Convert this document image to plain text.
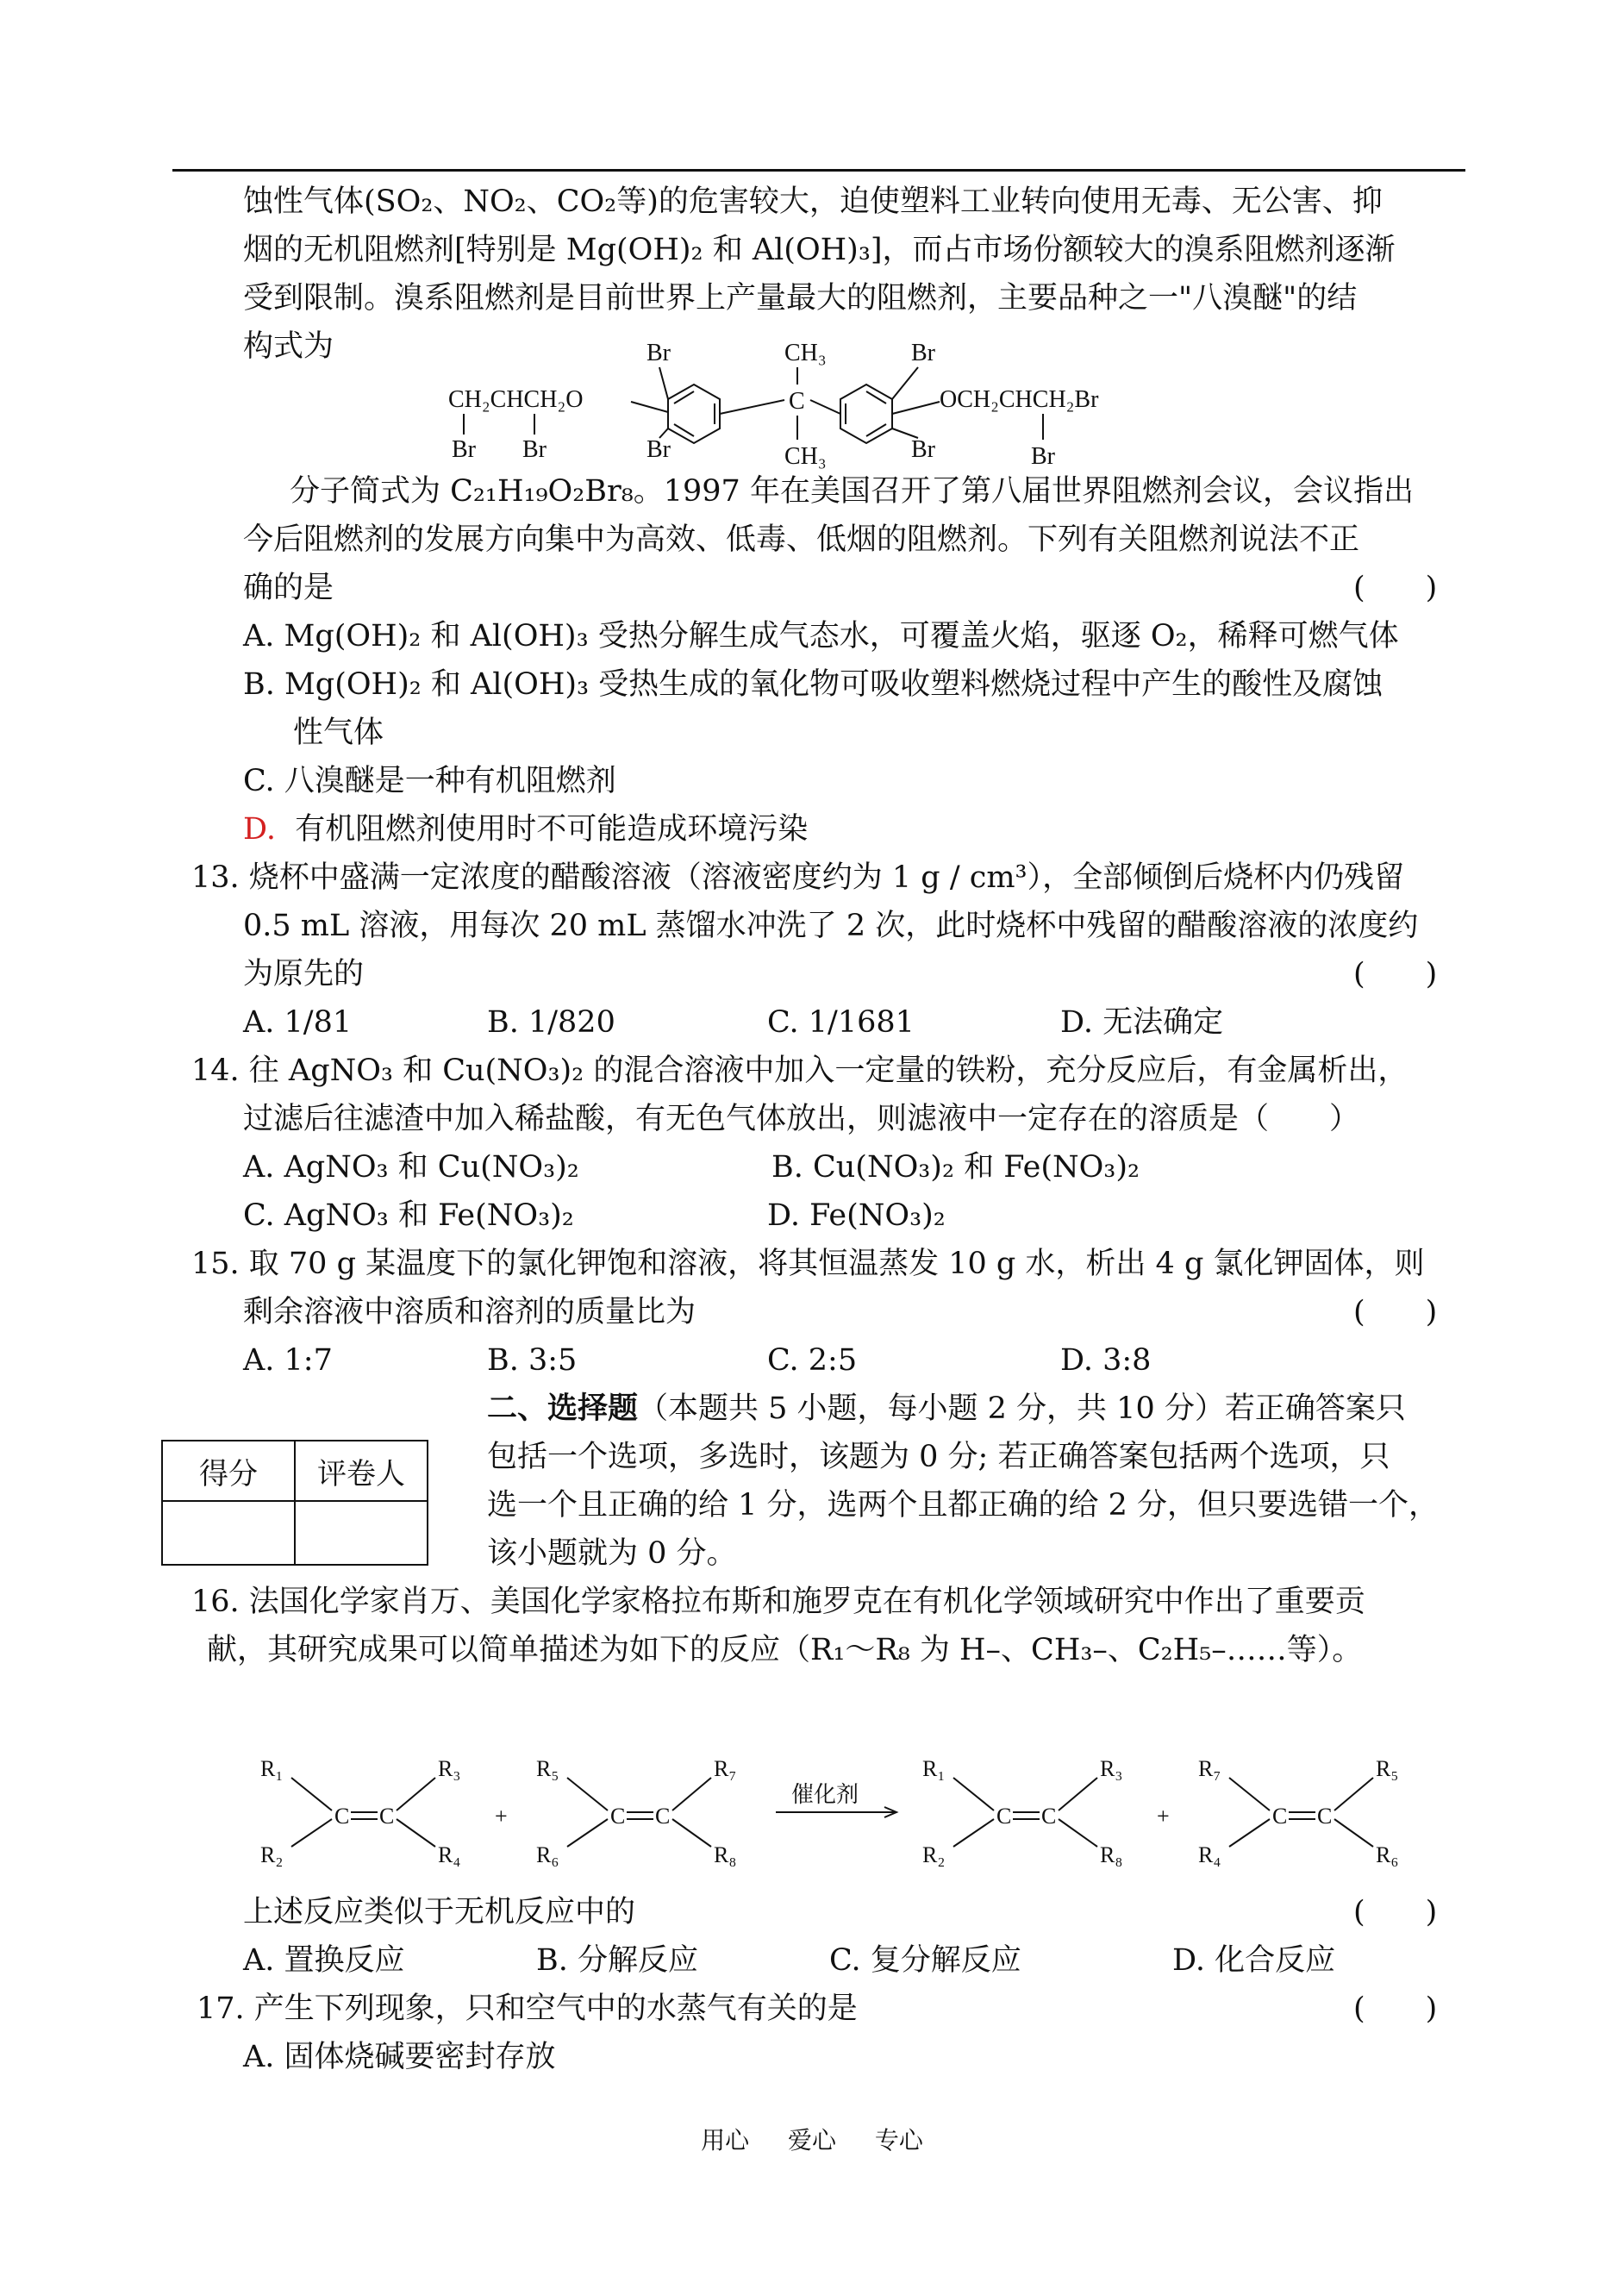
蚀性气体(SO₂、NO₂、CO₂等)的危害较大，迫使塑料工业转向使用无毒、无公害、抑
烟的无机阻燃剂[特别是 Mg(OH)₂ 和 Al(OH)₃]，而占市场份额较大的溴系阻燃剂逐渐
受到限制。溴系阻燃剂是目前世界上产量最大的阻燃剂，主要品种之一"八溴醚"的结
构式为
CH₂CHCH₂O
Br Br
Br
Br
CH₃
C
CH₃
Br
Br
OCH₂CHCH₂Br
Br
分子简式为 C₂₁H₁₉O₂Br₈。1997 年在美国召开了第八届世界阻燃剂会议，会议指出
今后阻燃剂的发展方向集中为高效、低毒、低烟的阻燃剂。下列有关阻燃剂说法不正
确的是	(　　)
A. Mg(OH)₂ 和 Al(OH)₃ 受热分解生成气态水，可覆盖火焰，驱逐 O₂，稀释可燃气体
B. Mg(OH)₂ 和 Al(OH)₃ 受热生成的氧化物可吸收塑料燃烧过程中产生的酸性及腐蚀
性气体
C. 八溴醚是一种有机阻燃剂
D. 有机阻燃剂使用时不可能造成环境污染
13. 烧杯中盛满一定浓度的醋酸溶液（溶液密度约为 1 g / cm³），全部倾倒后烧杯内仍残留
0.5 mL 溶液，用每次 20 mL 蒸馏水冲洗了 2 次，此时烧杯中残留的醋酸溶液的浓度约
为原先的	(　　)
A. 1/81	B. 1/820	C. 1/1681	D. 无法确定
14. 往 AgNO₃ 和 Cu(NO₃)₂ 的混合溶液中加入一定量的铁粉，充分反应后，有金属析出，
过滤后往滤渣中加入稀盐酸，有无色气体放出，则滤液中一定存在的溶质是（　　）
A. AgNO₃ 和 Cu(NO₃)₂	B. Cu(NO₃)₂ 和 Fe(NO₃)₂
C. AgNO₃ 和 Fe(NO₃)₂	D. Fe(NO₃)₂
15. 取 70 g 某温度下的氯化钾饱和溶液，将其恒温蒸发 10 g 水，析出 4 g 氯化钾固体，则
剩余溶液中溶质和溶剂的质量比为	(　　)
A. 1:7	B. 3:5	C. 2:5	D. 3:8
得分	评卷人

二、选择题（本题共 5 小题，每小题 2 分，共 10 分）若正确答案只
包括一个选项，多选时，该题为 0 分; 若正确答案包括两个选项，只
选一个且正确的给 1 分，选两个且都正确的给 2 分，但只要选错一个，
该小题就为 0 分。
16. 法国化学家肖万、美国化学家格拉布斯和施罗克在有机化学领域研究中作出了重要贡
献，其研究成果可以简单描述为如下的反应（R₁～R₈ 为 H–、CH₃–、C₂H₅–……等）。
R₁
R₂
C C
R₃
R₄
+
R₅
R₆
C C
R₇
R₈
催化剂
R₁
R₂
C C
R₃
R₈
+
R₇
R₄
C C
R₅
R₆
上述反应类似于无机反应中的	(　　)
A. 置换反应	B. 分解反应	C. 复分解反应	D. 化合反应
17. 产生下列现象，只和空气中的水蒸气有关的是	(　　)
A. 固体烧碱要密封存放
用心 爱心 专心
